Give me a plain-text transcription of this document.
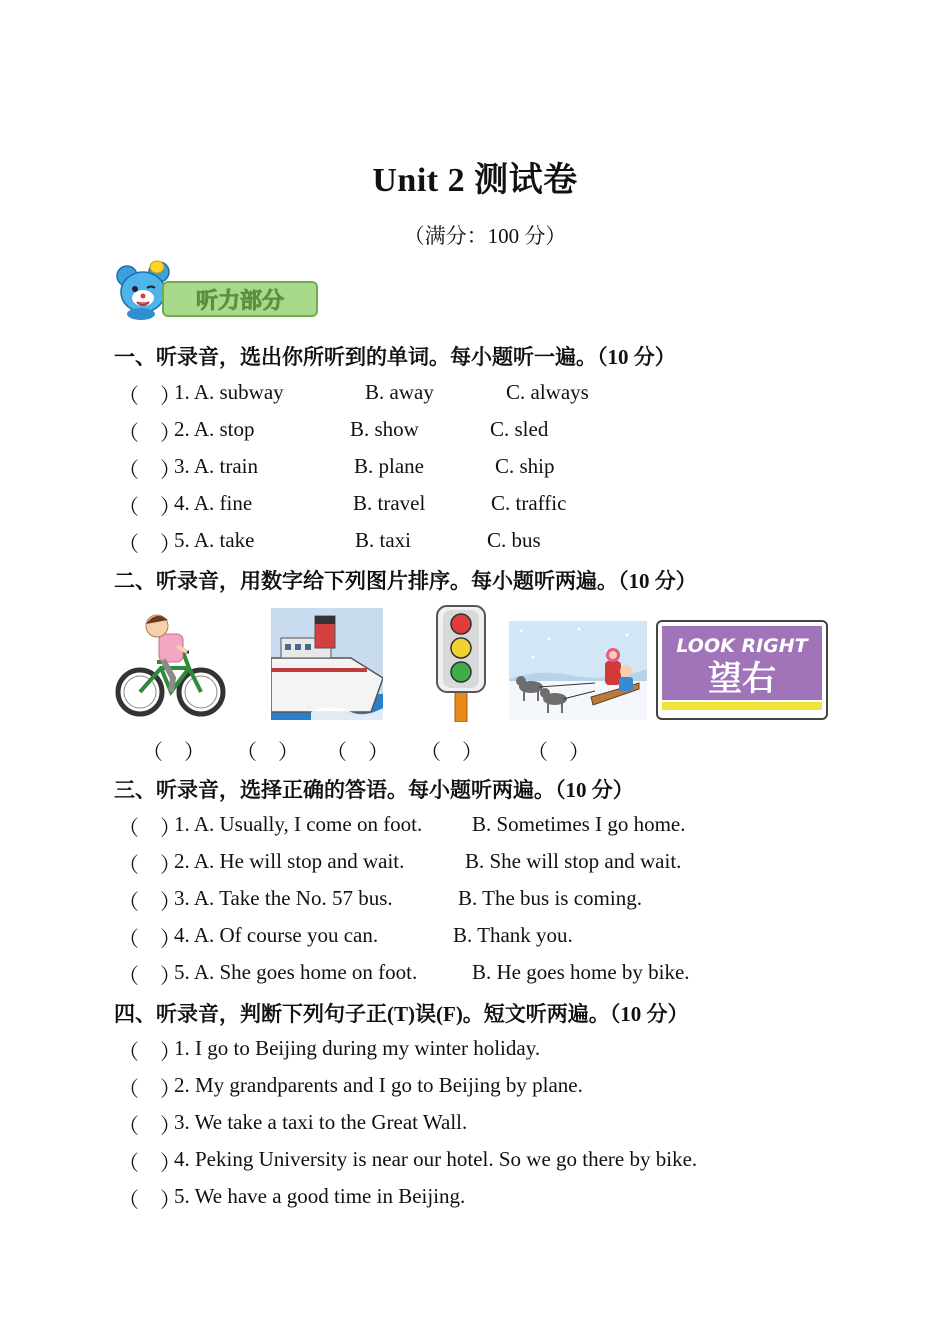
Unit 2 测试卷
（满分：100 分）
听力部分
一、听录音，选出你所听到的单词。每小题听一遍。（10 分）
（　）
1. A. subway	B. away	C. always
（　）
2. A. stop	B. show	C. sled
（　）
3. A. train	B. plane	C. ship
（　）
4. A. fine	B. travel	C. traffic
（　）
5. A. take	B. taxi	C. bus
二、听录音，用数字给下列图片排序。每小题听两遍。（10 分）
LOOK RIGHT
望右
（　） （　） （　） （　） （　）
三、听录音，选择正确的答语。每小题听两遍。（10 分）
（　）
1. A. Usually, I come on foot. B. Sometimes I go home.
（　）
2. A. He will stop and wait.	B. She will stop and wait.
（　）
3. A. Take the No. 57 bus.	B. The bus is coming.
（　）
4. A. Of course you can.	B. Thank you.
（　）
5. A. She goes home on foot.	B. He goes home by bike.
四、听录音，判断下列句子正(T)误(F)。短文听两遍。（10 分）
（　）
1. I go to Beijing during my winter holiday.
（　）
2. My grandparents and I go to Beijing by plane.
（　）
3. We take a taxi to the Great Wall.
（　）
4. Peking University is near our hotel. So we go there by bike.
（　）
5. We have a good time in Beijing.
